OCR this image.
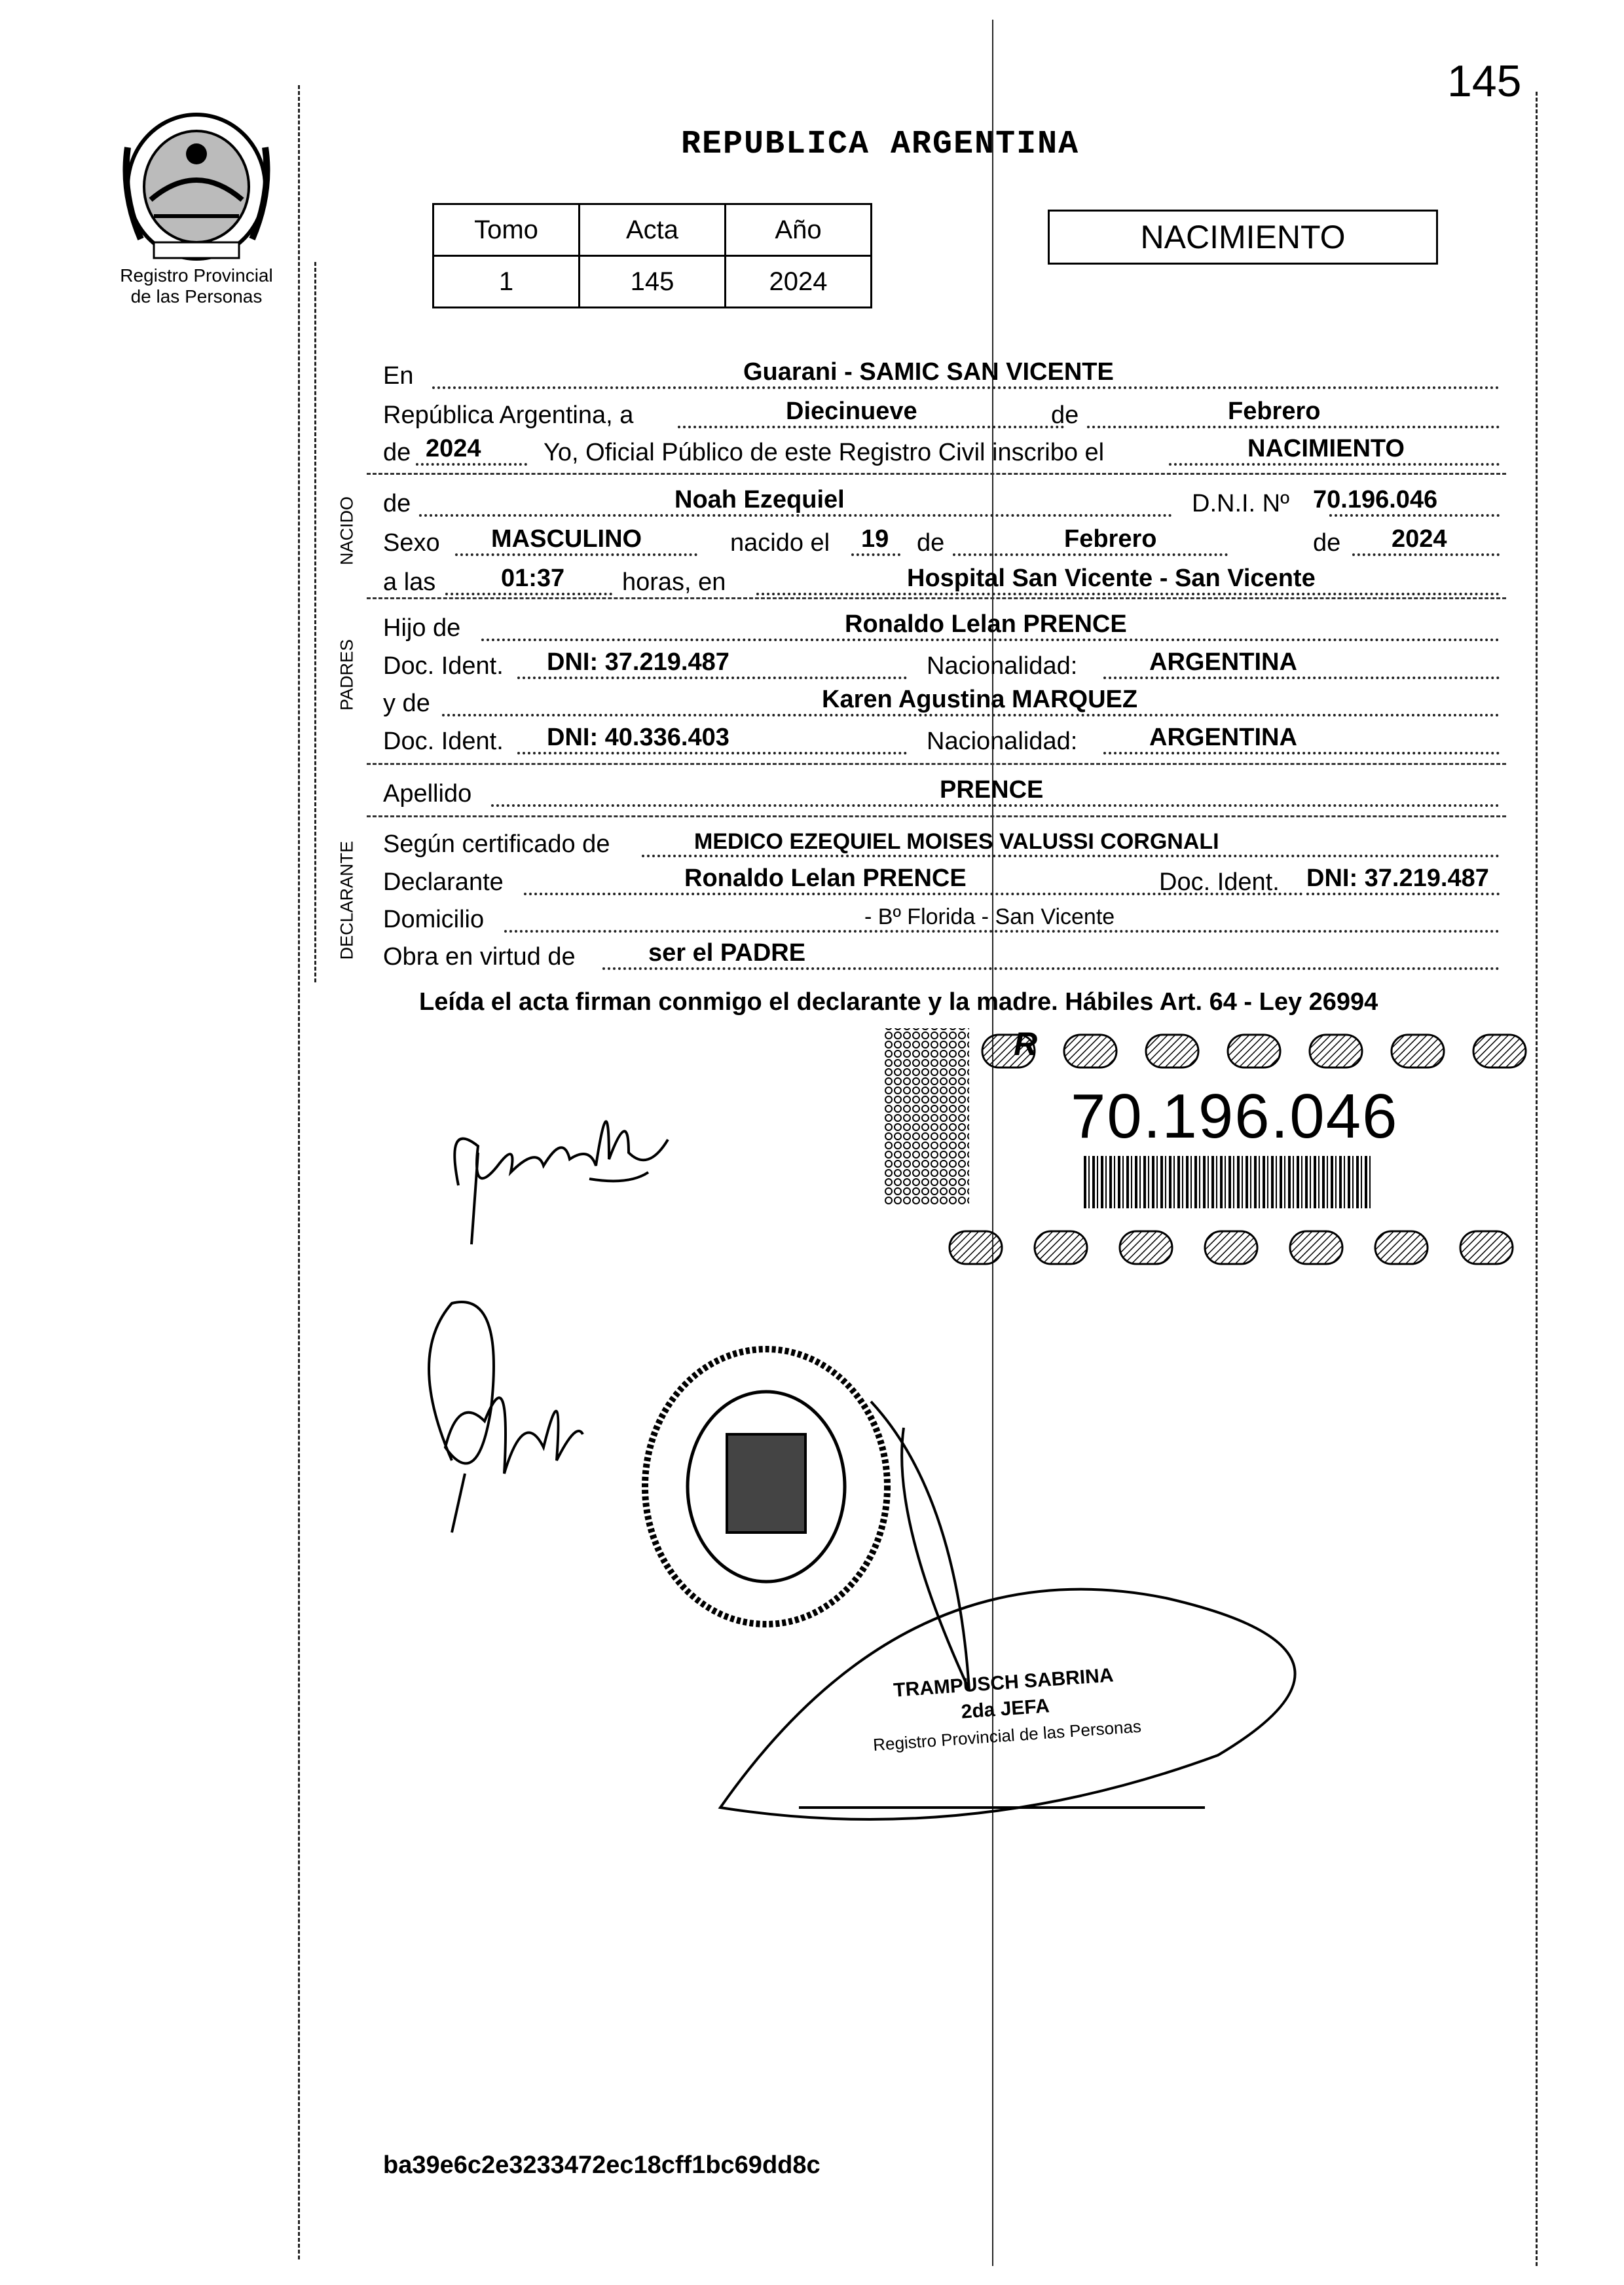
145
Registro Provincial
de las Personas
REPUBLICA ARGENTINA
Tomo	Acta	Año
1	145	2024
NACIMIENTO
NACIDO
PADRES
DECLARANTE
En	Guarani - SAMIC SAN VICENTE
República Argentina, a	Diecinueve	de	Febrero
de 2024	Yo, Oficial Público de este Registro Civil inscribo el	NACIMIENTO
de	Noah Ezequiel	D.N.I. Nº 70.196.046
Sexo MASCULINO	nacido el 19 de	Febrero	de 2024
a las	01:37 horas, en	Hospital San Vicente - San Vicente
Hijo de	Ronaldo Lelan PRENCE
Doc. Ident. DNI: 37.219.487	Nacionalidad:	ARGENTINA
y de	Karen Agustina MARQUEZ
Doc. Ident. DNI: 40.336.403	Nacionalidad:	ARGENTINA
Apellido	PRENCE
Según certificado de	MEDICO EZEQUIEL MOISES VALUSSI CORGNALI
Declarante	Ronaldo Lelan PRENCE	Doc. Ident. DNI: 37.219.487
Domicilio	- Bº Florida - San Vicente
Obra en virtud de	ser el PADRE
Leída el acta firman conmigo el declarante y la madre. Hábiles Art. 64 - Ley 26994
R
70.196.046
TRAMPUSCH SABRINA
2da JEFA
Registro Provincial de las Personas
ba39e6c2e3233472ec18cff1bc69dd8c
